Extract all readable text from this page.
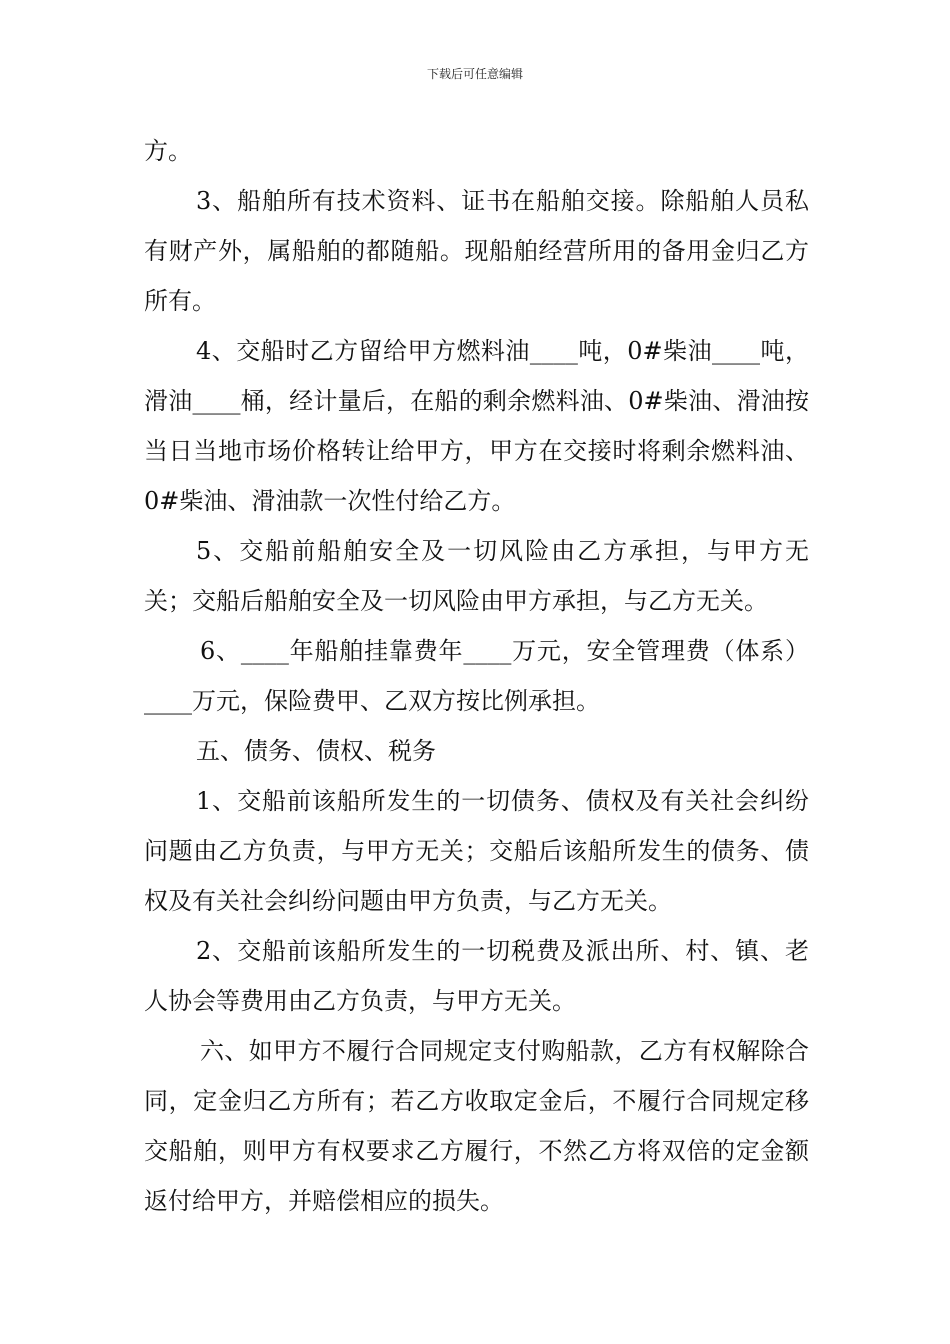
下载后可任意编辑

方。

3、船舶所有技术资料、证书在船舶交接。除船舶人员私有财产外，属船舶的都随船。现船舶经营所用的备用金归乙方所有。

4、交船时乙方留给甲方燃料油____吨，0#柴油____吨，滑油____桶，经计量后，在船的剩余燃料油、0#柴油、滑油按当日当地市场价格转让给甲方，甲方在交接时将剩余燃料油、0#柴油、滑油款一次性付给乙方。

5、交船前船舶安全及一切风险由乙方承担，与甲方无关；交船后船舶安全及一切风险由甲方承担，与乙方无关。

6、____年船舶挂靠费年____万元，安全管理费（体系）____万元，保险费甲、乙双方按比例承担。

五、债务、债权、税务

1、交船前该船所发生的一切债务、债权及有关社会纠纷问题由乙方负责，与甲方无关；交船后该船所发生的债务、债权及有关社会纠纷问题由甲方负责，与乙方无关。

2、交船前该船所发生的一切税费及派出所、村、镇、老人协会等费用由乙方负责，与甲方无关。

六、如甲方不履行合同规定支付购船款，乙方有权解除合同，定金归乙方所有；若乙方收取定金后，不履行合同规定移交船舶，则甲方有权要求乙方履行，不然乙方将双倍的定金额返付给甲方，并赔偿相应的损失。
